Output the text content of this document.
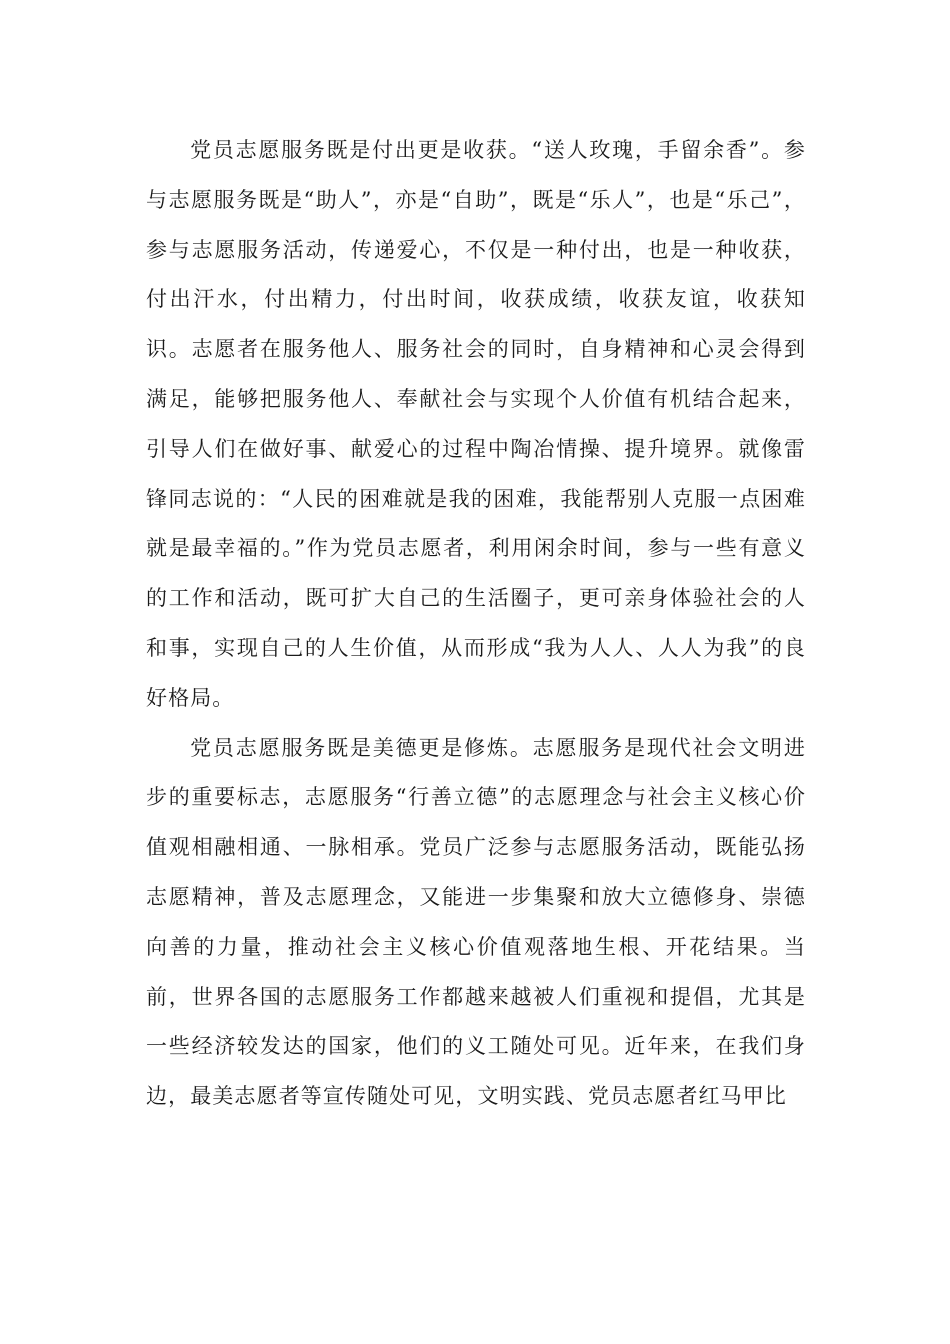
党员志愿服务既是付出更是收获。“送人玫瑰，手留余香”。参与志愿服务既是“助人”，亦是“自助”，既是“乐人”，也是“乐己”，参与志愿服务活动，传递爱心，不仅是一种付出，也是一种收获，付出汗水，付出精力，付出时间，收获成绩，收获友谊，收获知识。志愿者在服务他人、服务社会的同时，自身精神和心灵会得到满足，能够把服务他人、奉献社会与实现个人价值有机结合起来，引导人们在做好事、献爱心的过程中陶冶情操、提升境界。就像雷锋同志说的：“人民的困难就是我的困难，我能帮别人克服一点困难就是最幸福的。”作为党员志愿者，利用闲余时间，参与一些有意义的工作和活动，既可扩大自己的生活圈子，更可亲身体验社会的人和事，实现自己的人生价值，从而形成“我为人人、人人为我”的良好格局。

党员志愿服务既是美德更是修炼。志愿服务是现代社会文明进步的重要标志，志愿服务“行善立德”的志愿理念与社会主义核心价值观相融相通、一脉相承。党员广泛参与志愿服务活动，既能弘扬志愿精神，普及志愿理念，又能进一步集聚和放大立德修身、崇德向善的力量，推动社会主义核心价值观落地生根、开花结果。当前，世界各国的志愿服务工作都越来越被人们重视和提倡，尤其是一些经济较发达的国家，他们的义工随处可见。近年来，在我们身边，最美志愿者等宣传随处可见，文明实践、党员志愿者红马甲比
